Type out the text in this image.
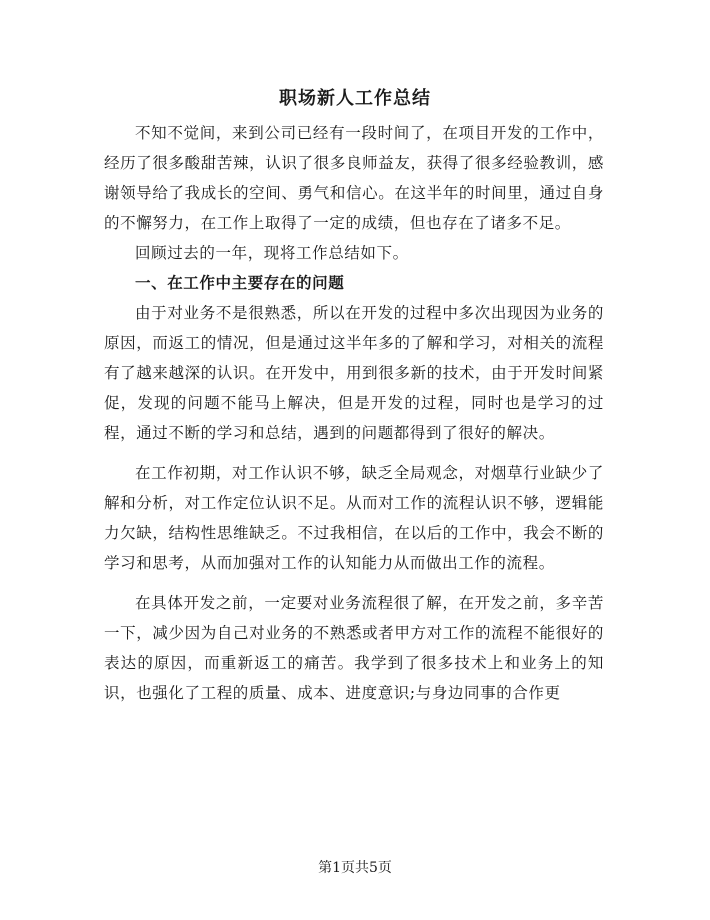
职场新人工作总结

不知不觉间，来到公司已经有一段时间了，在项目开发的工作中，经历了很多酸甜苦辣，认识了很多良师益友，获得了很多经验教训，感谢领导给了我成长的空间、勇气和信心。在这半年的时间里，通过自身的不懈努力，在工作上取得了一定的成绩，但也存在了诸多不足。

回顾过去的一年，现将工作总结如下。

一、在工作中主要存在的问题

由于对业务不是很熟悉，所以在开发的过程中多次出现因为业务的原因，而返工的情况，但是通过这半年多的了解和学习，对相关的流程有了越来越深的认识。在开发中，用到很多新的技术，由于开发时间紧促，发现的问题不能马上解决，但是开发的过程，同时也是学习的过程，通过不断的学习和总结，遇到的问题都得到了很好的解决。

在工作初期，对工作认识不够，缺乏全局观念，对烟草行业缺少了解和分析，对工作定位认识不足。从而对工作的流程认识不够，逻辑能力欠缺，结构性思维缺乏。不过我相信，在以后的工作中，我会不断的学习和思考，从而加强对工作的认知能力从而做出工作的流程。

在具体开发之前，一定要对业务流程很了解，在开发之前，多辛苦一下，减少因为自己对业务的不熟悉或者甲方对工作的流程不能很好的表达的原因，而重新返工的痛苦。我学到了很多技术上和业务上的知识，也强化了工程的质量、成本、进度意识;与身边同事的合作更

第1页共5页
